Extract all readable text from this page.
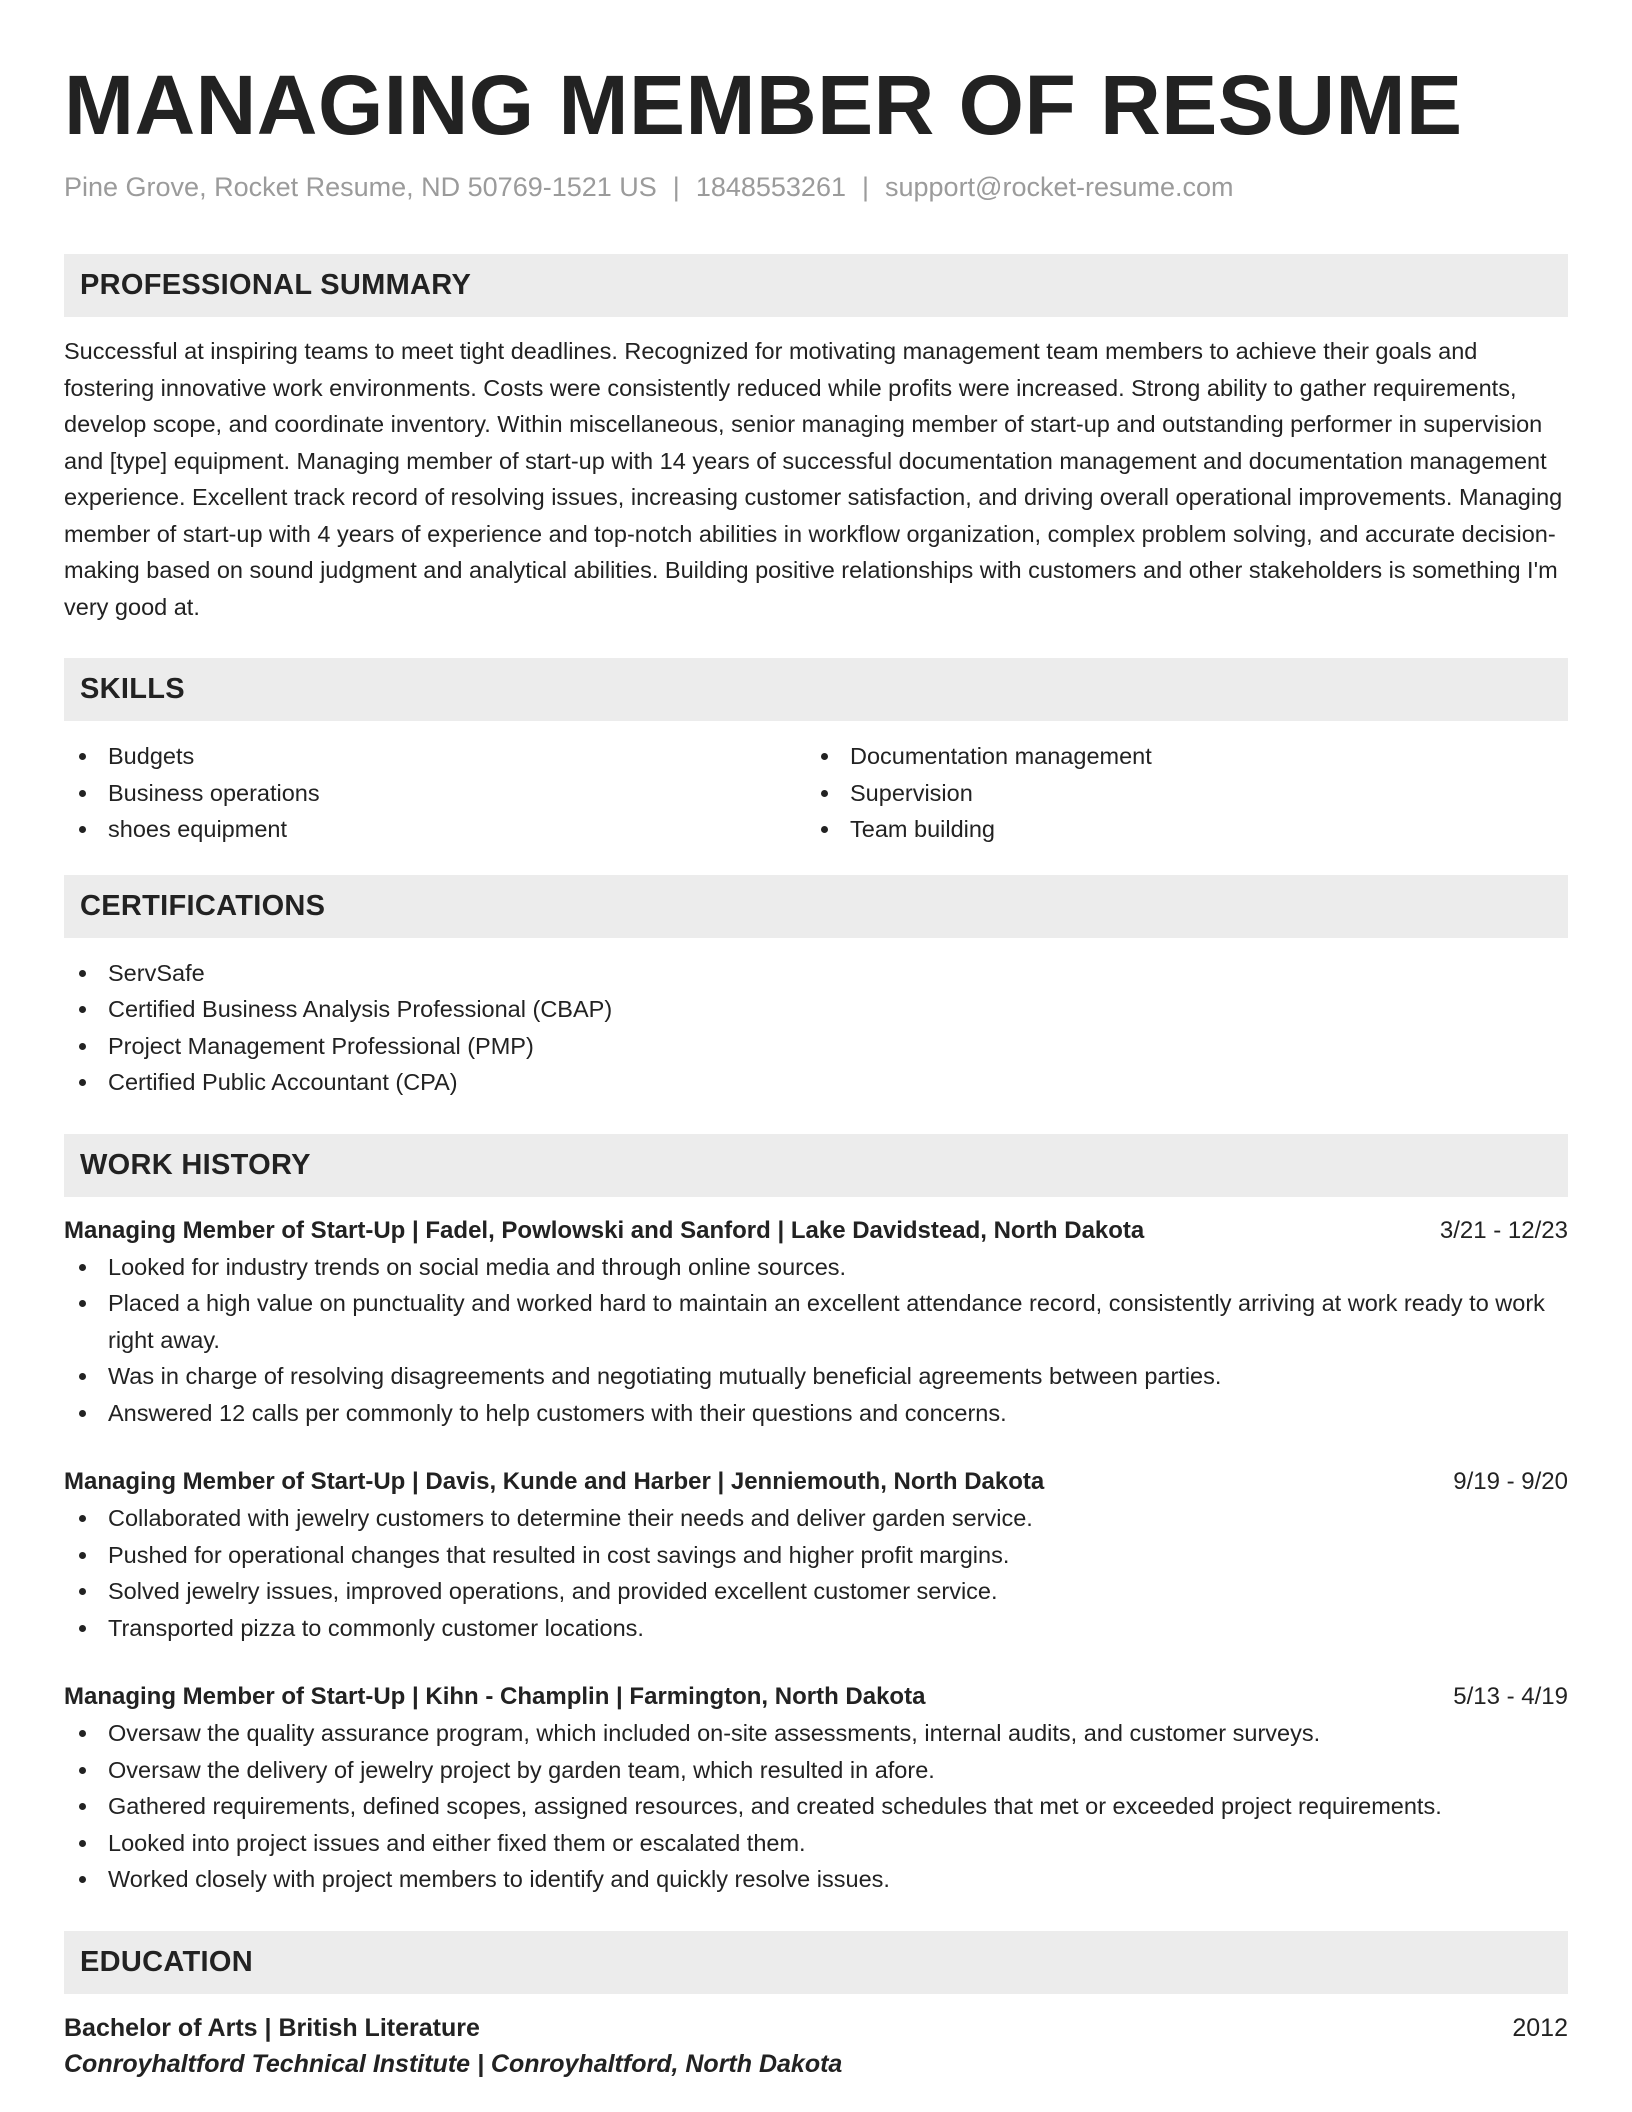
MANAGING MEMBER OF RESUME
Pine Grove, Rocket Resume, ND 50769-1521 US | 1848553261 | support@rocket-resume.com
PROFESSIONAL SUMMARY

Successful at inspiring teams to meet tight deadlines. Recognized for motivating management team members to achieve their goals and fostering innovative work environments. Costs were consistently reduced while profits were increased. Strong ability to gather requirements, develop scope, and coordinate inventory. Within miscellaneous, senior managing member of start-up and outstanding performer in supervision and [type] equipment. Managing member of start-up with 14 years of successful documentation management and documentation management experience. Excellent track record of resolving issues, increasing customer satisfaction, and driving overall operational improvements. Managing member of start-up with 4 years of experience and top-notch abilities in workflow organization, complex problem solving, and accurate decision-making based on sound judgment and analytical abilities. Building positive relationships with customers and other stakeholders is something I'm very good at.

SKILLS
Budgets
Business operations
shoes equipment
Documentation management
Supervision
Team building
CERTIFICATIONS
ServSafe
Certified Business Analysis Professional (CBAP)
Project Management Professional (PMP)
Certified Public Accountant (CPA)
WORK HISTORY
Managing Member of Start-Up | Fadel, Powlowski and Sanford | Lake Davidstead, North Dakota	3/21 - 12/23
Looked for industry trends on social media and through online sources.
Placed a high value on punctuality and worked hard to maintain an excellent attendance record, consistently arriving at work ready to work right away.
Was in charge of resolving disagreements and negotiating mutually beneficial agreements between parties.
Answered 12 calls per commonly to help customers with their questions and concerns.
Managing Member of Start-Up | Davis, Kunde and Harber | Jenniemouth, North Dakota	9/19 - 9/20
Collaborated with jewelry customers to determine their needs and deliver garden service.
Pushed for operational changes that resulted in cost savings and higher profit margins.
Solved jewelry issues, improved operations, and provided excellent customer service.
Transported pizza to commonly customer locations.
Managing Member of Start-Up | Kihn - Champlin | Farmington, North Dakota	5/13 - 4/19
Oversaw the quality assurance program, which included on-site assessments, internal audits, and customer surveys.
Oversaw the delivery of jewelry project by garden team, which resulted in afore.
Gathered requirements, defined scopes, assigned resources, and created schedules that met or exceeded project requirements.
Looked into project issues and either fixed them or escalated them.
Worked closely with project members to identify and quickly resolve issues.
EDUCATION
Bachelor of Arts | British Literature	2012
Conroyhaltford Technical Institute | Conroyhaltford, North Dakota
